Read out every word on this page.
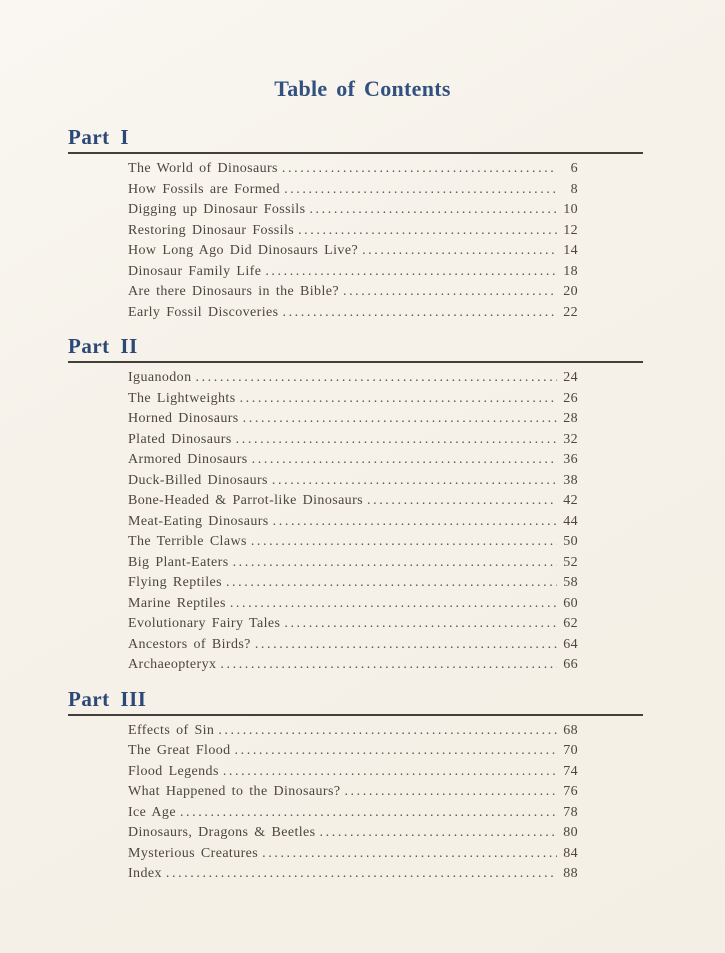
Table of Contents
Part I
The World of Dinosaurs .....	6
How Fossils are Formed .....	8
Digging up Dinosaur Fossils .....	10
Restoring Dinosaur Fossils .....	12
How Long Ago Did Dinosaurs Live? .....	14
Dinosaur Family Life .....	18
Are there Dinosaurs in the Bible? .....	20
Early Fossil Discoveries .....	22
Part II
Iguanodon .....	24
The Lightweights .....	26
Horned Dinosaurs .....	28
Plated Dinosaurs .....	32
Armored Dinosaurs .....	36
Duck-Billed Dinosaurs .....	38
Bone-Headed & Parrot-like Dinosaurs .....	42
Meat-Eating Dinosaurs .....	44
The Terrible Claws .....	50
Big Plant-Eaters .....	52
Flying Reptiles .....	58
Marine Reptiles .....	60
Evolutionary Fairy Tales .....	62
Ancestors of Birds? .....	64
Archaeopteryx .....	66
Part III
Effects of Sin .....	68
The Great Flood .....	70
Flood Legends .....	74
What Happened to the Dinosaurs? .....	76
Ice Age .....	78
Dinosaurs, Dragons & Beetles .....	80
Mysterious Creatures .....	84
Index .....	88
